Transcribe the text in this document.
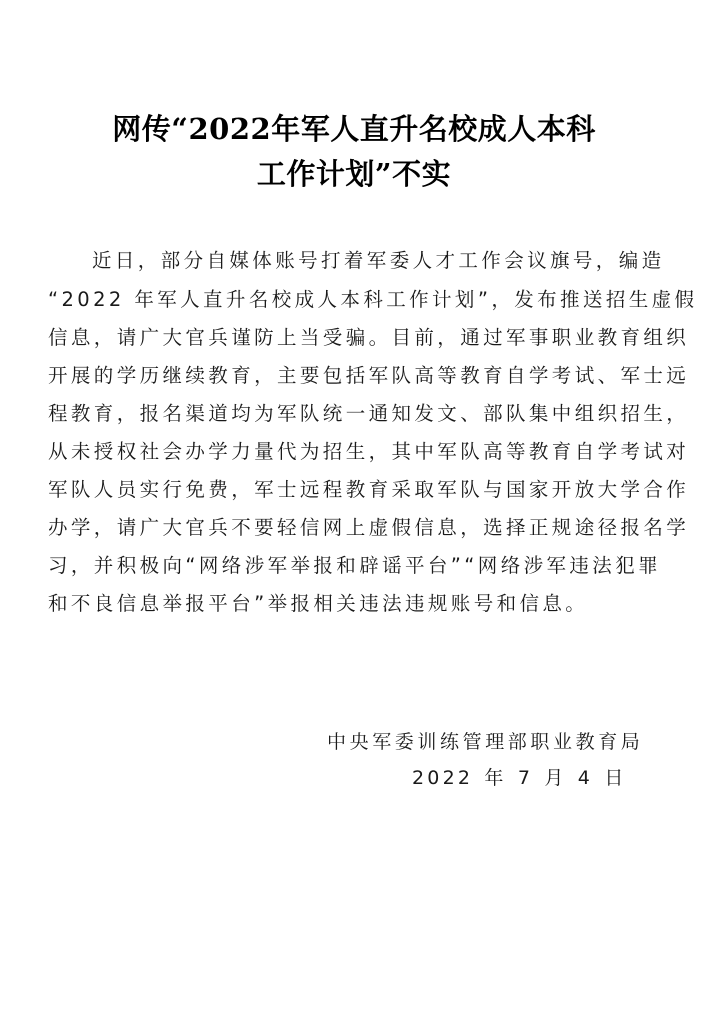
网传“2022年军人直升名校成人本科
工作计划”不实
近日，部分自媒体账号打着军委人才工作会议旗号，编造
“2022 年军人直升名校成人本科工作计划”，发布推送招生虚假
信息，请广大官兵谨防上当受骗。目前，通过军事职业教育组织
开展的学历继续教育，主要包括军队高等教育自学考试、军士远
程教育，报名渠道均为军队统一通知发文、部队集中组织招生，
从未授权社会办学力量代为招生，其中军队高等教育自学考试对
军队人员实行免费，军士远程教育采取军队与国家开放大学合作
办学，请广大官兵不要轻信网上虚假信息，选择正规途径报名学
习，并积极向“网络涉军举报和辟谣平台”“网络涉军违法犯罪
和不良信息举报平台”举报相关违法违规账号和信息。
中央军委训练管理部职业教育局
2022 年 7 月 4 日
